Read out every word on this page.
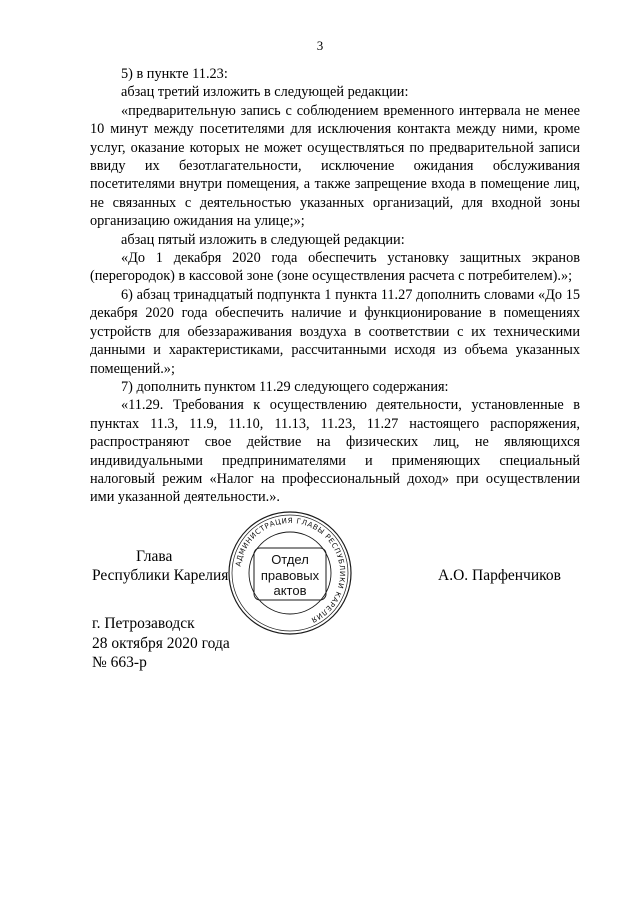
3

5) в пункте 11.23:

абзац третий изложить в следующей редакции:

«предварительную запись с соблюдением временного интервала не менее 10 минут между посетителями для исключения контакта между ними, кроме услуг, оказание которых не может осуществляться по предварительной записи ввиду их безотлагательности, исключение ожидания обслуживания посетителями внутри помещения, а также запрещение входа в помещение лиц, не связанных с деятельностью указанных организаций, для входной зоны организацию ожидания на улице;»;

абзац пятый изложить в следующей редакции:

«До 1 декабря 2020 года обеспечить установку защитных экранов (перегородок) в кассовой зоне (зоне осуществления расчета с потребителем).»;

6) абзац тринадцатый подпункта 1 пункта 11.27 дополнить словами «До 15 декабря 2020 года обеспечить наличие и функционирование в помещениях устройств для обеззараживания воздуха в соответствии с их техническими данными и характеристиками, рассчитанными исходя из объема указанных помещений.»;

7) дополнить пунктом 11.29 следующего содержания:

«11.29. Требования к осуществлению деятельности, установленные в пунктах 11.3, 11.9, 11.10, 11.13, 11.23, 11.27 настоящего распоряжения, распространяют свое действие на физических лиц, не являющихся индивидуальными предпринимателями и применяющих специальный налоговый режим «Налог на профессиональный доход» при осуществлении ими указанной деятельности.».

Глава
Республики Карелия	А.О. Парфенчиков
АДМИНИСТРАЦИЯ ГЛАВЫ РЕСПУБЛИКИ КАРЕЛИЯ
Отдел
правовых
актов
г. Петрозаводск
28 октября 2020 года
№ 663-р
